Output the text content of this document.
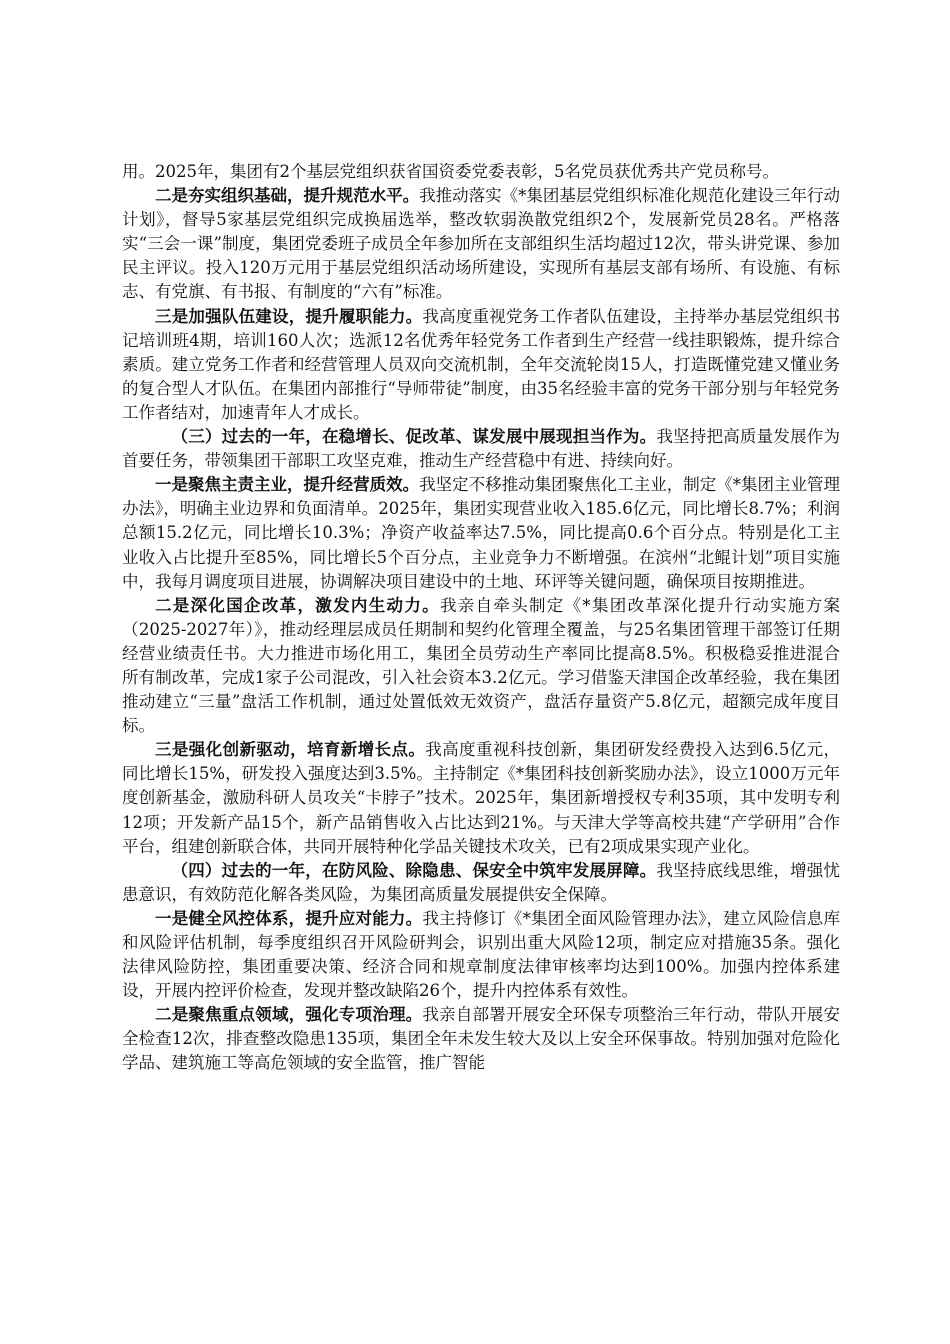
用。2025年，集团有2个基层党组织获省国资委党委表彰，5名党员获优秀共产党员称号。

二是夯实组织基础，提升规范水平。我推动落实《*集团基层党组织标准化规范化建设三年行动计划》，督导5家基层党组织完成换届选举，整改软弱涣散党组织2个，发展新党员28名。严格落实“三会一课”制度，集团党委班子成员全年参加所在支部组织生活均超过12次，带头讲党课、参加民主评议。投入120万元用于基层党组织活动场所建设，实现所有基层支部有场所、有设施、有标志、有党旗、有书报、有制度的“六有”标准。

三是加强队伍建设，提升履职能力。我高度重视党务工作者队伍建设，主持举办基层党组织书记培训班4期，培训160人次；选派12名优秀年轻党务工作者到生产经营一线挂职锻炼，提升综合素质。建立党务工作者和经营管理人员双向交流机制，全年交流轮岗15人，打造既懂党建又懂业务的复合型人才队伍。在集团内部推行“导师带徒”制度，由35名经验丰富的党务干部分别与年轻党务工作者结对，加速青年人才成长。

（三）过去的一年，在稳增长、促改革、谋发展中展现担当作为。我坚持把高质量发展作为首要任务，带领集团干部职工攻坚克难，推动生产经营稳中有进、持续向好。

一是聚焦主责主业，提升经营质效。我坚定不移推动集团聚焦化工主业，制定《*集团主业管理办法》，明确主业边界和负面清单。2025年，集团实现营业收入185.6亿元，同比增长8.7%；利润总额15.2亿元，同比增长10.3%；净资产收益率达7.5%，同比提高0.6个百分点。特别是化工主业收入占比提升至85%，同比增长5个百分点，主业竞争力不断增强。在滨州“北鲲计划”项目实施中，我每月调度项目进展，协调解决项目建设中的土地、环评等关键问题，确保项目按期推进。

二是深化国企改革，激发内生动力。我亲自牵头制定《*集团改革深化提升行动实施方案（2025-2027年）》，推动经理层成员任期制和契约化管理全覆盖，与25名集团管理干部签订任期经营业绩责任书。大力推进市场化用工，集团全员劳动生产率同比提高8.5%。积极稳妥推进混合所有制改革，完成1家子公司混改，引入社会资本3.2亿元。学习借鉴天津国企改革经验，我在集团推动建立“三量”盘活工作机制，通过处置低效无效资产，盘活存量资产5.8亿元，超额完成年度目标。

三是强化创新驱动，培育新增长点。我高度重视科技创新，集团研发经费投入达到6.5亿元，同比增长15%，研发投入强度达到3.5%。主持制定《*集团科技创新奖励办法》，设立1000万元年度创新基金，激励科研人员攻关“卡脖子”技术。2025年，集团新增授权专利35项，其中发明专利12项；开发新产品15个，新产品销售收入占比达到21%。与天津大学等高校共建“产学研用”合作平台，组建创新联合体，共同开展特种化学品关键技术攻关，已有2项成果实现产业化。

（四）过去的一年，在防风险、除隐患、保安全中筑牢发展屏障。我坚持底线思维，增强忧患意识，有效防范化解各类风险，为集团高质量发展提供安全保障。

一是健全风控体系，提升应对能力。我主持修订《*集团全面风险管理办法》，建立风险信息库和风险评估机制，每季度组织召开风险研判会，识别出重大风险12项，制定应对措施35条。强化法律风险防控，集团重要决策、经济合同和规章制度法律审核率均达到100%。加强内控体系建设，开展内控评价检查，发现并整改缺陷26个，提升内控体系有效性。

二是聚焦重点领域，强化专项治理。我亲自部署开展安全环保专项整治三年行动，带队开展安全检查12次，排查整改隐患135项，集团全年未发生较大及以上安全环保事故。特别加强对危险化学品、建筑施工等高危领域的安全监管，推广智能
